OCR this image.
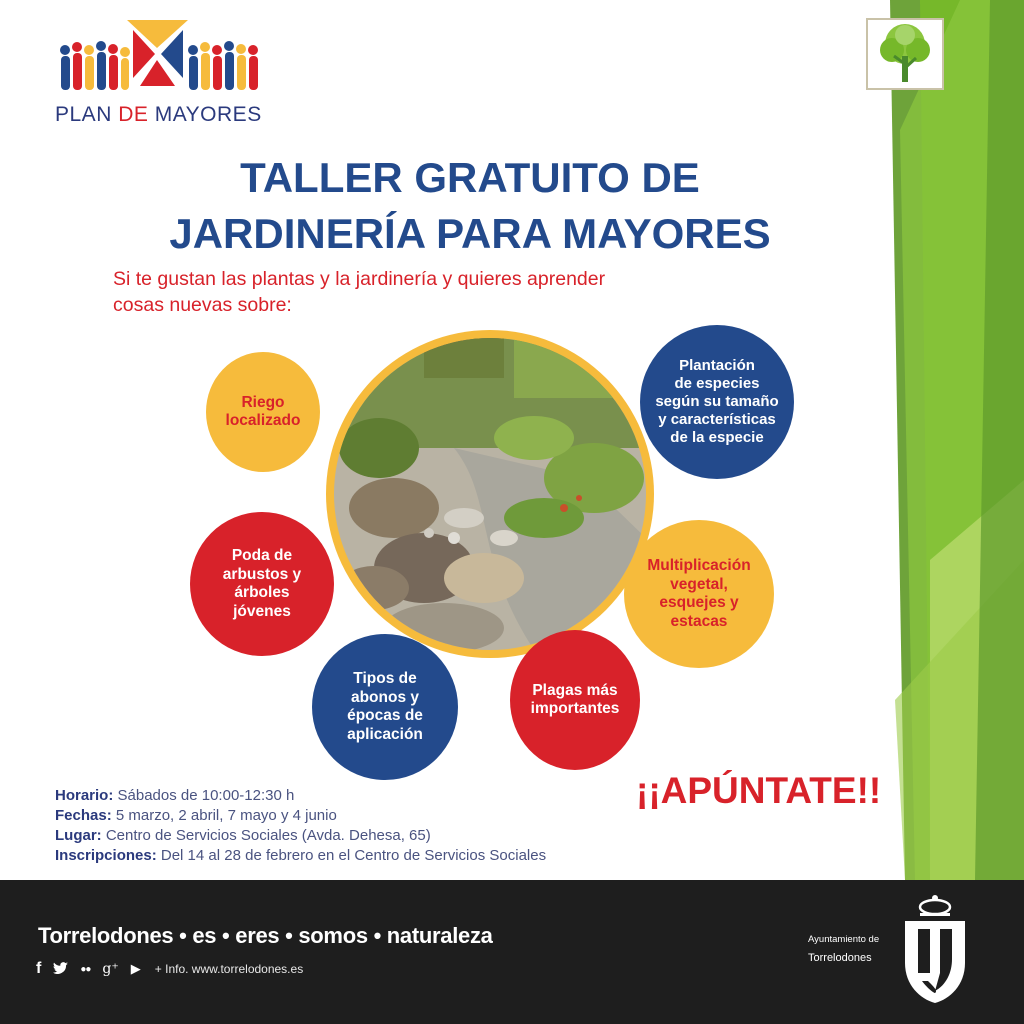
PLAN DE MAYORES
TALLER GRATUITO DE
JARDINERÍA PARA MAYORES
Si te gustan las plantas y la jardinería y quieres aprender
cosas nuevas sobre:
Riego
localizado
Plantación
de especies
según su tamaño
y características
de la especie
Poda de
arbustos y
árboles
jóvenes
Multiplicación
vegetal,
esquejes y
estacas
Tipos de
abonos y
épocas de
aplicación
Plagas más
importantes
¡¡APÚNTATE!!
Horario: Sábados de 10:00-12:30 h
Fechas: 5 marzo, 2 abril, 7 mayo y 4 junio
Lugar: Centro de Servicios Sociales (Avda. Dehesa, 65)
Inscripciones: Del 14 al 28 de febrero en el Centro de Servicios Sociales
Torrelodones • es • eres • somos • naturaleza
f	●● g⁺ ▶ + Info. www.torrelodones.es
Ayuntamiento de
Torrelodones
